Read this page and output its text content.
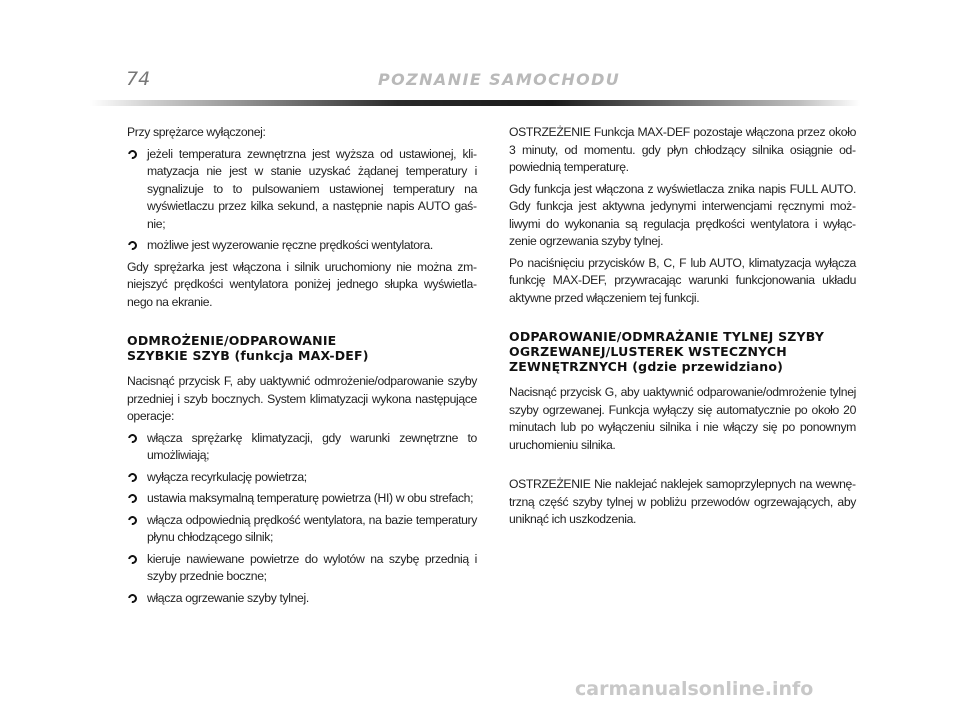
74	POZNANIE SAMOCHODU

Przy sprężarce wyłączonej:

jeżeli temperatura zewnętrzna jest wyższa od ustawionej, klimatyzacja nie jest w stanie uzyskać żądanej temperatury i sygnalizuje to to pulsowaniem ustawionej temperatury na wyświetlaczu przez kilka sekund, a następnie napis AUTO gaśnie;
możliwe jest wyzerowanie ręczne prędkości wentylatora.

Gdy sprężarka jest włączona i silnik uruchomiony nie można zmniejszyć prędkości wentylatora poniżej jednego słupka wyświetlanego na ekranie.

ODMROŻENIE/ODPAROWANIE
SZYBKIE SZYB (funkcja MAX-DEF)

Nacisnąć przycisk F, aby uaktywnić odmrożenie/odparowanie szyby przedniej i szyb bocznych. System klimatyzacji wykona następujące operacje:

włącza sprężarkę klimatyzacji, gdy warunki zewnętrzne to umożliwiają;
wyłącza recyrkulację powietrza;
ustawia maksymalną temperaturę powietrza (HI) w obu strefach;
włącza odpowiednią prędkość wentylatora, na bazie temperatury płynu chłodzącego silnik;
kieruje nawiewane powietrze do wylotów na szybę przednią i szyby przednie boczne;
włącza ogrzewanie szyby tylnej.

OSTRZEŻENIE Funkcja MAX-DEF pozostaje włączona przez około 3 minuty, od momentu. gdy płyn chłodzący silnika osiągnie odpowiednią temperaturę.

Gdy funkcja jest włączona z wyświetlacza znika napis FULL AUTO. Gdy funkcja jest aktywna jedynymi interwencjami ręcznymi możliwymi do wykonania są regulacja prędkości wentylatora i wyłączenie ogrzewania szyby tylnej.

Po naciśnięciu przycisków B, C, F lub AUTO, klimatyzacja wyłącza funkcję MAX-DEF, przywracając warunki funkcjonowania układu aktywne przed włączeniem tej funkcji.

ODPAROWANIE/ODMRAŻANIE TYLNEJ SZYBY
OGRZEWANEJ/LUSTEREK WSTECZNYCH
ZEWNĘTRZNYCH (gdzie przewidziano)

Nacisnąć przycisk G, aby uaktywnić odparowanie/odmrożenie tylnej szyby ogrzewanej. Funkcja wyłączy się automatycznie po około 20 minutach lub po wyłączeniu silnika i nie włączy się po ponownym uruchomieniu silnika.

OSTRZEŻENIE Nie naklejać naklejek samoprzylepnych na wewnętrzną część szyby tylnej w pobliżu przewodów ogrzewających, aby uniknąć ich uszkodzenia.

carmanualsonline.info
